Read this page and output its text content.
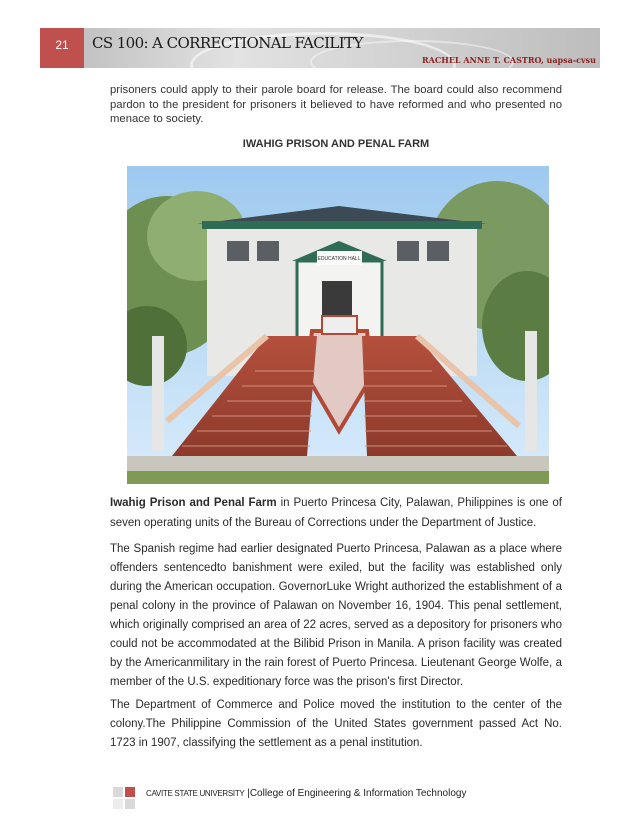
21	CS 100: A CORRECTIONAL FACILITY
RACHEL ANNE T. CASTRO, uapsa-cvsu

prisoners could apply to their parole board for release. The board could also recommend pardon to the president for prisoners it believed to have reformed and who presented no menace to society.

IWAHIG PRISON AND PENAL FARM
EDUCATION HALL

Iwahig Prison and Penal Farm in Puerto Princesa City, Palawan, Philippines is one of seven operating units of the Bureau of Corrections under the Department of Justice.

The Spanish regime had earlier designated Puerto Princesa, Palawan as a place where offenders sentencedto banishment were exiled, but the facility was established only during the American occupation. GovernorLuke Wright authorized the establishment of a penal colony in the province of Palawan on November 16, 1904. This penal settlement, which originally comprised an area of 22 acres, served as a depository for prisoners who could not be accommodated at the Bilibid Prison in Manila. A prison facility was created by the Americanmilitary in the rain forest of Puerto Princesa. Lieutenant George Wolfe, a member of the U.S. expeditionary force was the prison's first Director.

The Department of Commerce and Police moved the institution to the center of the colony.The Philippine Commission of the United States government passed Act No. 1723 in 1907, classifying the settlement as a penal institution.

CAVITE STATE UNIVERSITY |College of Engineering & Information Technology
